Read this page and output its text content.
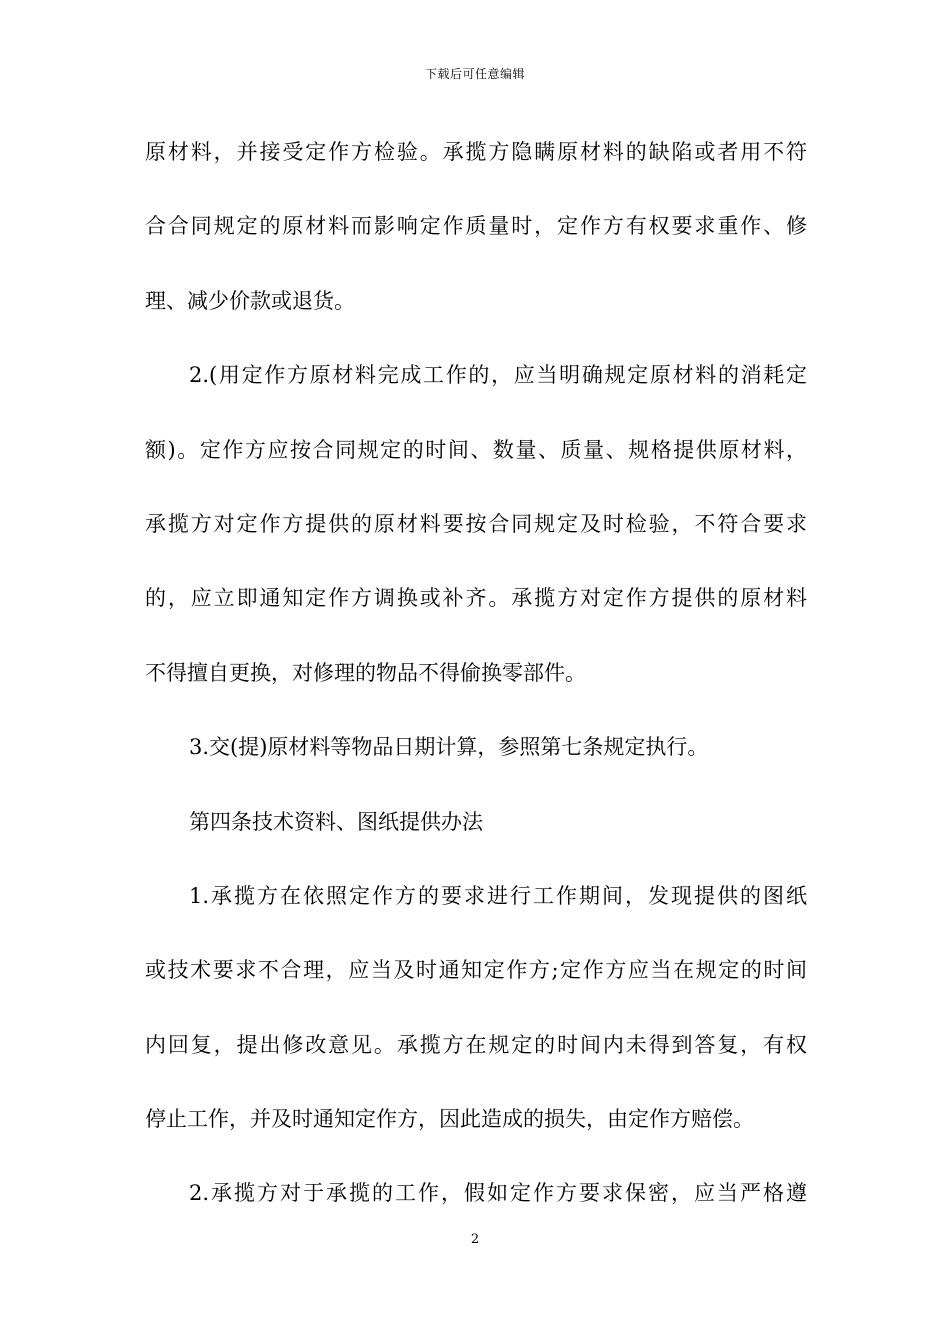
下载后可任意编辑
原材料，并接受定作方检验。承揽方隐瞒原材料的缺陷或者用不符
合合同规定的原材料而影响定作质量时，定作方有权要求重作、修
理、减少价款或退货。
2.(用定作方原材料完成工作的，应当明确规定原材料的消耗定
额)。定作方应按合同规定的时间、数量、质量、规格提供原材料，
承揽方对定作方提供的原材料要按合同规定及时检验，不符合要求
的，应立即通知定作方调换或补齐。承揽方对定作方提供的原材料
不得擅自更换，对修理的物品不得偷换零部件。
3.交(提)原材料等物品日期计算，参照第七条规定执行。
第四条技术资料、图纸提供办法
1.承揽方在依照定作方的要求进行工作期间，发现提供的图纸
或技术要求不合理，应当及时通知定作方;定作方应当在规定的时间
内回复，提出修改意见。承揽方在规定的时间内未得到答复，有权
停止工作，并及时通知定作方，因此造成的损失，由定作方赔偿。
2.承揽方对于承揽的工作，假如定作方要求保密，应当严格遵
2
